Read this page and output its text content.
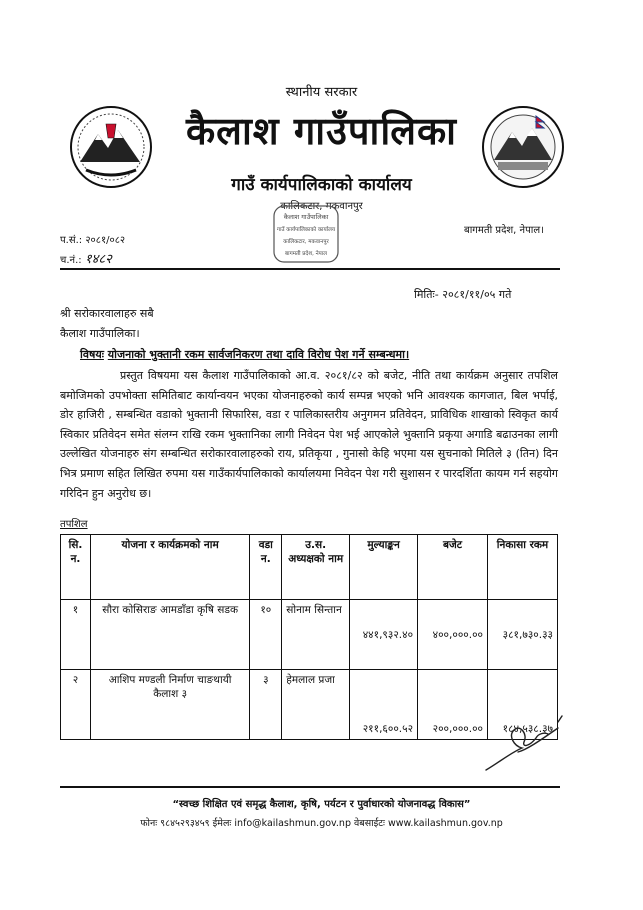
स्थानीय सरकार
कैलाश गाउँपालिका
गाउँ कार्यपालिकाको कार्यालय
कालिकटार, मकवानपुर
बागमती प्रदेश, नेपाल।
कैलाश गाउँपालिका
गाउँ कार्यपालिकाको कार्यालय
कालिकटार, मकवानपुर
बागमती प्रदेश, नेपाल
प.सं.: २०८१/०८२
च.नं.: १४८२
मितिः- २०८१/११/०५ गते
श्री सरोकारवालाहरु सबै
कैलाश गाउँपालिका।
विषयः योजनाको भुक्तानी रकम सार्वजनिकरण तथा दावि विरोध पेश गर्ने सम्बन्धमा।
प्रस्तुत विषयमा यस कैलाश गाउँपालिकाको आ.व. २०८१/८२ को बजेट, नीति तथा कार्यक्रम अनुसार तपशिल बमोजिमको उपभोक्ता समितिबाट कार्यान्वयन भएका योजनाहरुको कार्य सम्पन्न भएको भनि आवश्यक कागजात, बिल भर्पाई, डोर हाजिरी , सम्बन्धित वडाको भुक्तानी सिफारिस, वडा र पालिकास्तरीय अनुगमन प्रतिवेदन, प्राविधिक शाखाको स्विकृत कार्य स्विकार प्रतिवेदन समेत संलग्न राखि रकम भुक्तानिका लागी निवेदन पेश भई आएकोले भुक्तानि प्रकृया अगाडि बढाउनका लागी उल्लेखित योजनाहरु संग सम्बन्धित सरोकारवालाहरुको राय, प्रतिकृया , गुनासो केहि भएमा यस सुचनाको मितिले ३ (तिन) दिन भित्र प्रमाण सहित लिखित रुपमा यस गाउँकार्यपालिकाको कार्यालयमा निवेदन पेश गरी सुशासन र पारदर्शिता कायम गर्न सहयोग गरिदिन हुन अनुरोध छ।
तपशिल
सि. न.	योजना र कार्यक्रमको नाम	वडा न.	उ.स. अध्यक्षको नाम	मुल्याङ्कन	बजेट	निकासा रकम
१	सौरा कोसिराङ आमडाँडा कृषि सडक	१०	सोनाम सिन्तान	४४१,९३२.४०	४००,०००.००	३८१,७३०.३३
२	आशिप मण्डली निर्माण चाङथायी कैलाश ३	३	हेमलाल प्रजा	२११,६००.५२	२००,०००.००	१८४,५३८.३७
“स्वच्छ शिक्षित एवं समृद्ध कैलाश, कृषि, पर्यटन र पुर्वाधारको योजनावद्ध विकास”
फोनः ९८४५२९३४५९ ईमेलः info@kailashmun.gov.np वेबसाईटः www.kailashmun.gov.np
